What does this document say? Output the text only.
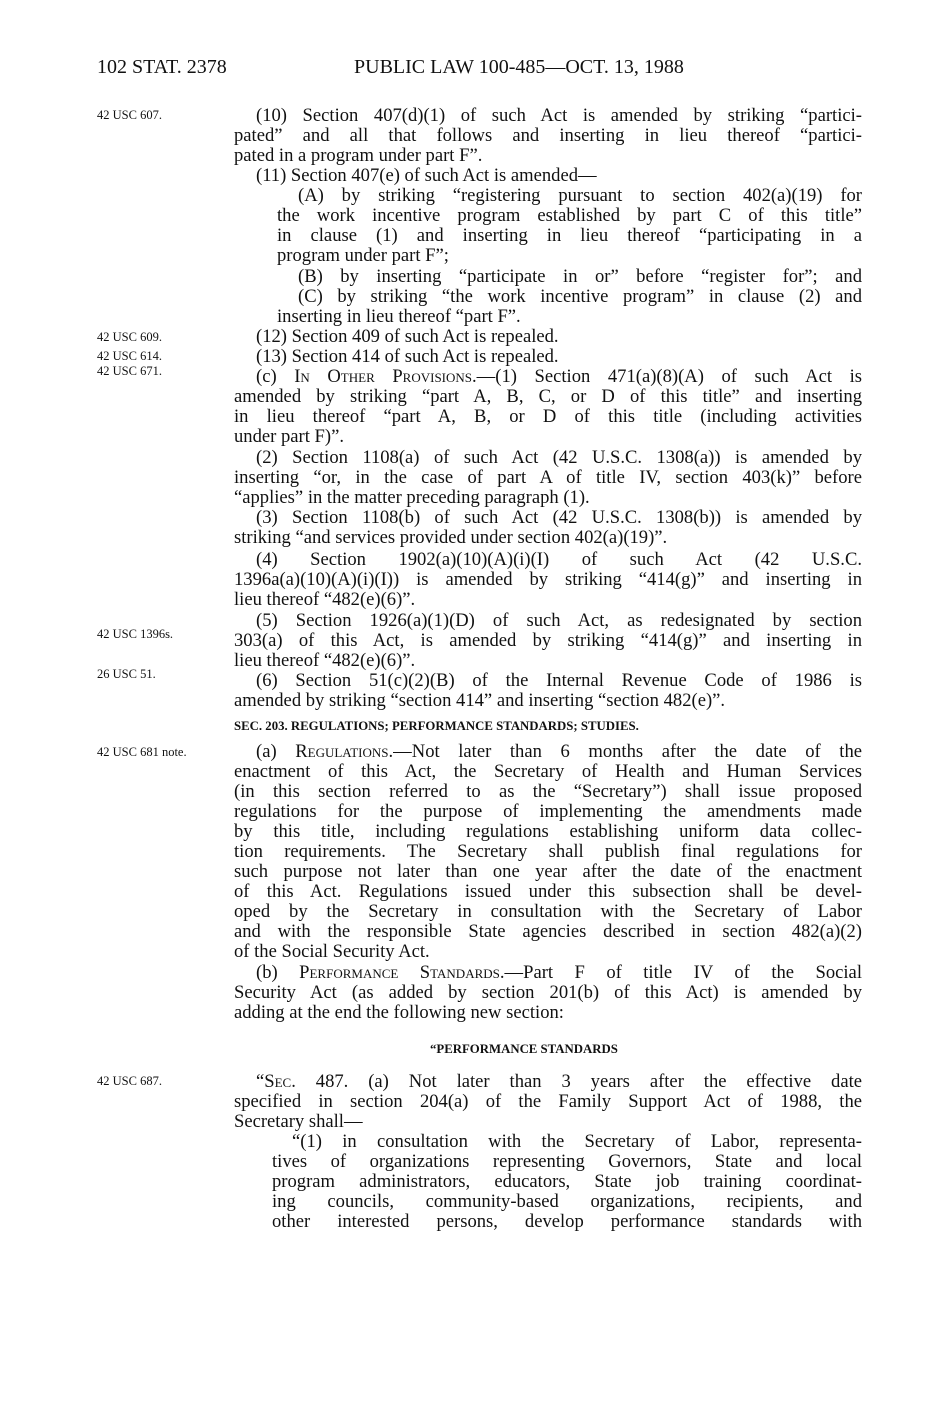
102 STAT. 2378	PUBLIC LAW 100-485—OCT. 13, 1988
42 USC 607.
42 USC 609.
42 USC 614.
42 USC 671.
42 USC 1396s.
26 USC 51.
42 USC 681 note.
42 USC 687.
(10) Section 407(d)(1) of such Act is amended by striking “partici-
pated” and all that follows and inserting in lieu thereof “partici-
pated in a program under part F”.
(11) Section 407(e) of such Act is amended—
(A) by striking “registering pursuant to section 402(a)(19) for
the work incentive program established by part C of this title”
in clause (1) and inserting in lieu thereof “participating in a
program under part F”;
(B) by inserting “participate in or” before “register for”; and
(C) by striking “the work incentive program” in clause (2) and
inserting in lieu thereof “part F”.
(12) Section 409 of such Act is repealed.
(13) Section 414 of such Act is repealed.
(c) In Other Provisions.—(1) Section 471(a)(8)(A) of such Act is
amended by striking “part A, B, C, or D of this title” and inserting
in lieu thereof “part A, B, or D of this title (including activities
under part F)”.
(2) Section 1108(a) of such Act (42 U.S.C. 1308(a)) is amended by
inserting “or, in the case of part A of title IV, section 403(k)” before
“applies” in the matter preceding paragraph (1).
(3) Section 1108(b) of such Act (42 U.S.C. 1308(b)) is amended by
striking “and services provided under section 402(a)(19)”.
(4) Section 1902(a)(10)(A)(i)(I) of such Act (42 U.S.C.
1396a(a)(10)(A)(i)(I)) is amended by striking “414(g)” and inserting in
lieu thereof “482(e)(6)”.
(5) Section 1926(a)(1)(D) of such Act, as redesignated by section
303(a) of this Act, is amended by striking “414(g)” and inserting in
lieu thereof “482(e)(6)”.
(6) Section 51(c)(2)(B) of the Internal Revenue Code of 1986 is
amended by striking “section 414” and inserting “section 482(e)”.
SEC. 203. REGULATIONS; PERFORMANCE STANDARDS; STUDIES.
(a) Regulations.—Not later than 6 months after the date of the
enactment of this Act, the Secretary of Health and Human Services
(in this section referred to as the “Secretary”) shall issue proposed
regulations for the purpose of implementing the amendments made
by this title, including regulations establishing uniform data collec-
tion requirements. The Secretary shall publish final regulations for
such purpose not later than one year after the date of the enactment
of this Act. Regulations issued under this subsection shall be devel-
oped by the Secretary in consultation with the Secretary of Labor
and with the responsible State agencies described in section 482(a)(2)
of the Social Security Act.
(b) Performance Standards.—Part F of title IV of the Social
Security Act (as added by section 201(b) of this Act) is amended by
adding at the end the following new section:
“PERFORMANCE STANDARDS
“Sec. 487. (a) Not later than 3 years after the effective date
specified in section 204(a) of the Family Support Act of 1988, the
Secretary shall—
“(1) in consultation with the Secretary of Labor, representa-
tives of organizations representing Governors, State and local
program administrators, educators, State job training coordinat-
ing councils, community-based organizations, recipients, and
other interested persons, develop performance standards with
